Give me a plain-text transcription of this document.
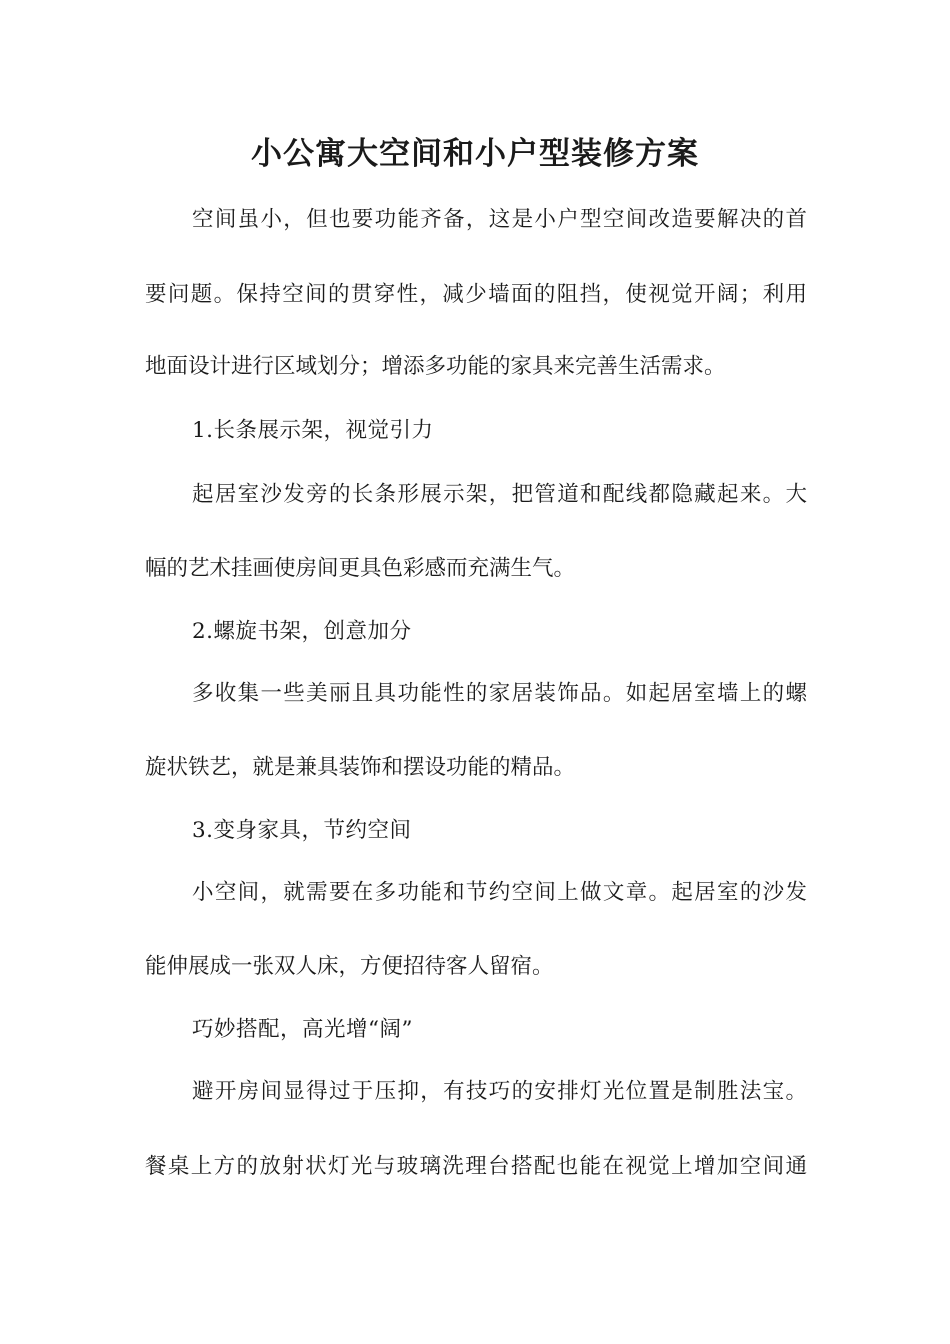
小公寓大空间和小户型装修方案
空间虽小，但也要功能齐备，这是小户型空间改造要解决的首
要问题。保持空间的贯穿性，减少墙面的阻挡，使视觉开阔；利用
地面设计进行区域划分；增添多功能的家具来完善生活需求。
1.长条展示架，视觉引力
起居室沙发旁的长条形展示架，把管道和配线都隐藏起来。大
幅的艺术挂画使房间更具色彩感而充满生气。
2.螺旋书架，创意加分
多收集一些美丽且具功能性的家居装饰品。如起居室墙上的螺
旋状铁艺，就是兼具装饰和摆设功能的精品。
3.变身家具，节约空间
小空间，就需要在多功能和节约空间上做文章。起居室的沙发
能伸展成一张双人床，方便招待客人留宿。
巧妙搭配，高光增“阔”
避开房间显得过于压抑，有技巧的安排灯光位置是制胜法宝。
餐桌上方的放射状灯光与玻璃洗理台搭配也能在视觉上增加空间通
